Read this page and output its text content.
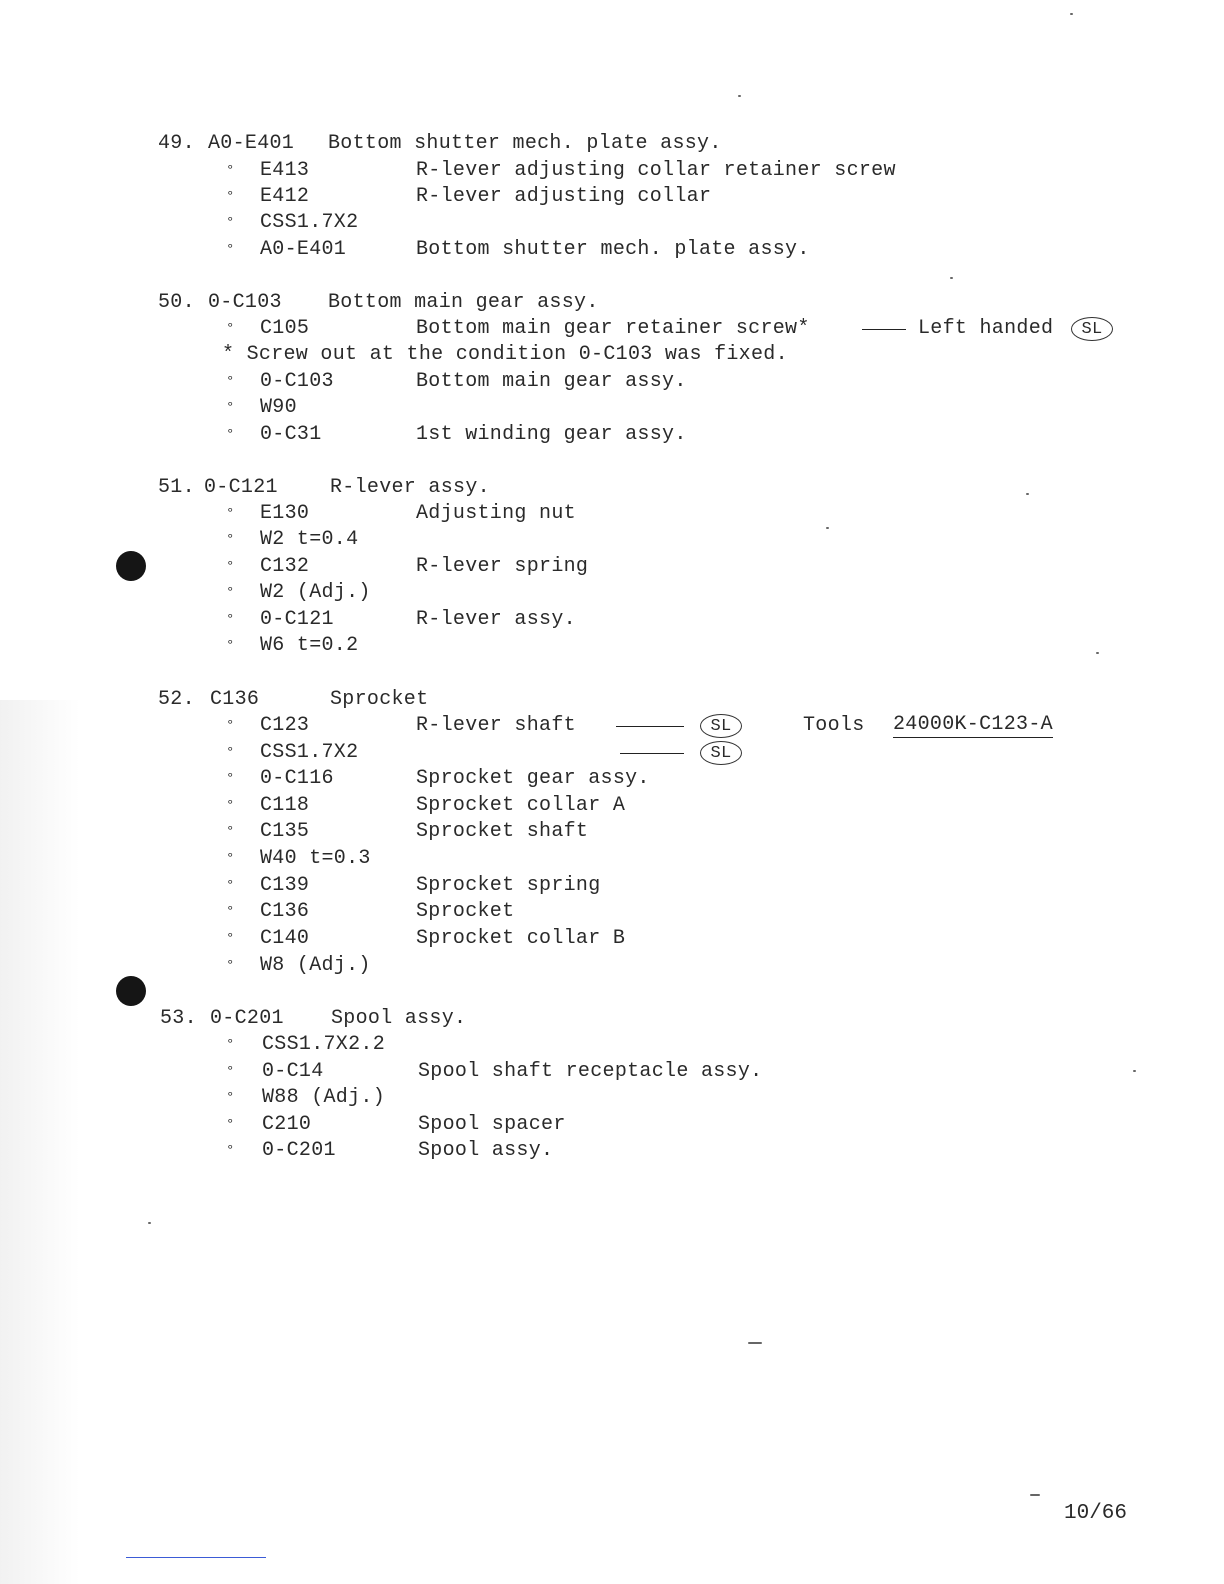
49. A0-E401 Bottom shutter mech. plate assy.
° E413	R-lever adjusting collar retainer screw
° E412	R-lever adjusting collar
° CSS1.7X2
° A0-E401	Bottom shutter mech. plate assy.
50. 0-C103 Bottom main gear assy.
° C105	Bottom main gear retainer screw*	Left handed	SL
* Screw out at the condition 0-C103 was fixed.
° 0-C103	Bottom main gear assy.
° W90
° 0-C31	1st winding gear assy.
51. 0-C121	R-lever assy.
° E130	Adjusting nut
° W2 t=0.4
° C132	R-lever spring
° W2 (Adj.)
° 0-C121	R-lever assy.
° W6 t=0.2
52. C136	Sprocket
° C123	R-lever shaft	SL	Tools 24000K-C123-A
° CSS1.7X2	SL
° 0-C116	Sprocket gear assy.
° C118	Sprocket collar A
° C135	Sprocket shaft
° W40 t=0.3
° C139	Sprocket spring
° C136	Sprocket
° C140	Sprocket collar B
° W8 (Adj.)
53. 0-C201 Spool assy.
° CSS1.7X2.2
° 0-C14	Spool shaft receptacle assy.
° W88 (Adj.)
° C210	Spool spacer
° 0-C201	Spool assy.
10/66
